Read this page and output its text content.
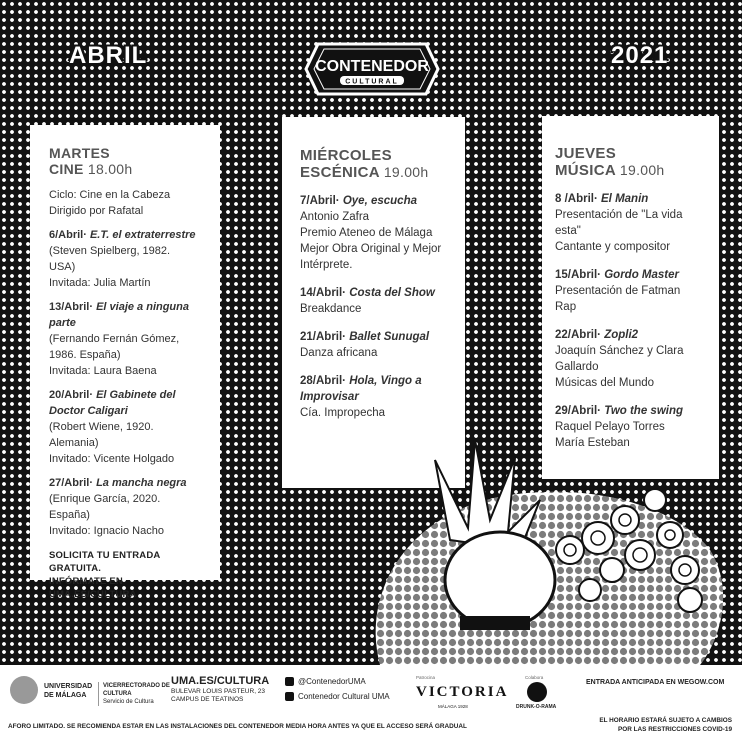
ABRIL	2021
CONTENEDOR
CULTURAL
MARTES
CINE 18.00h
Ciclo: Cine en la Cabeza
Dirigido por Rafatal
6/Abril· E.T. el extraterrestre
(Steven Spielberg, 1982.
USA)
Invitada: Julia Martín
13/Abril· El viaje a ninguna parte
(Fernando Fernán Gómez,
1986. España)
Invitada: Laura Baena
20/Abril· El Gabinete del Doctor Caligari
(Robert Wiene, 1920. Alemania)
Invitado: Vicente Holgado
27/Abril· La mancha negra
(Enrique García, 2020. España)
Invitado: Ignacio Nacho
SOLICITA TU ENTRADA GRATUITA.
INFÓRMATE EN UMA.ES/CULTURA
MIÉRCOLES
ESCÉNICA 19.00h
7/Abril· Oye, escucha
Antonio Zafra
Premio Ateneo de Málaga
Mejor Obra Original y Mejor
Intérprete.
14/Abril· Costa del Show
Breakdance
21/Abril· Ballet Sunugal
Danza africana
28/Abril· Hola, Vingo a Improvisar
Cía. Impropecha
JUEVES
MÚSICA 19.00h
8 /Abril· El Manin
Presentación de "La vida esta"
Cantante y compositor
15/Abril· Gordo Master
Presentación de Fatman
Rap
22/Abril· Zopli2
Joaquín Sánchez y Clara
Gallardo
Músicas del Mundo
29/Abril· Two the swing
Raquel Pelayo Torres
María Esteban
UNIVERSIDAD
DE MÁLAGA
VICERRECTORADO DE
CULTURA
Servicio de Cultura
UMA.ES/CULTURA
BULEVAR LOUIS PASTEUR, 23
CAMPUS DE TEATINOS
@ContenedorUMA
Contenedor Cultural UMA
Patrocina
VICTORIA
MÁLAGA 1928
Colabora
DRUNK-O-RAMA
ENTRADA ANTICIPADA EN WEGOW.COM
AFORO LIMITADO. SE RECOMIENDA ESTAR EN LAS INSTALACIONES DEL CONTENEDOR MEDIA HORA ANTES YA QUE EL ACCESO SERÁ GRADUAL
EL HORARIO ESTARÁ SUJETO A CAMBIOS
POR LAS RESTRICCIONES COVID-19
